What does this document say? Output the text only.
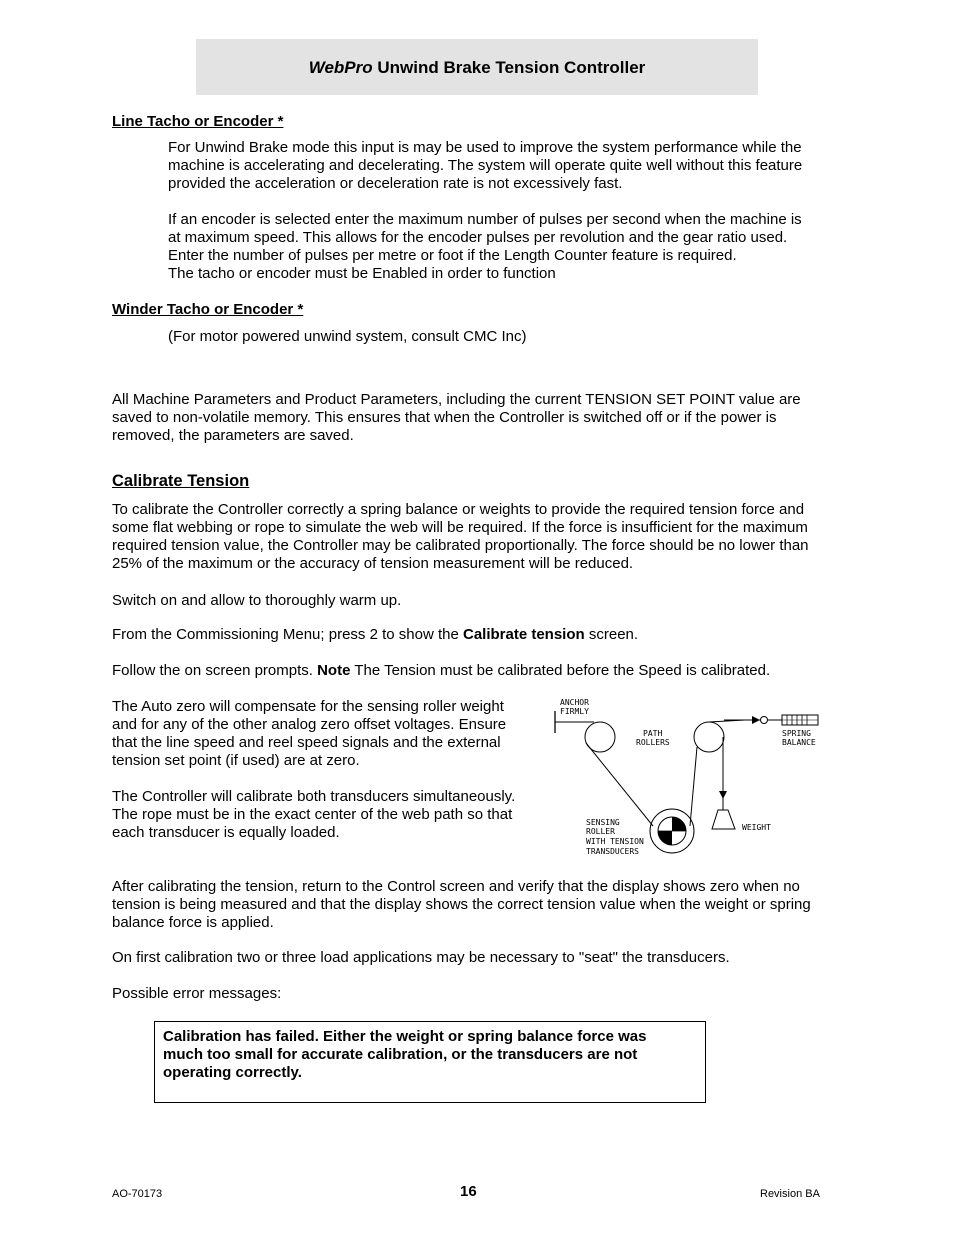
WebPro Unwind Brake Tension Controller
Line Tacho or Encoder *

For Unwind Brake mode this input is may be used to improve the system performance while the

machine is accelerating and decelerating. The system will operate quite well without this feature

provided the acceleration or deceleration rate is not excessively fast.

If an encoder is selected enter the maximum number of pulses per second when the machine is

at maximum speed. This allows for the encoder pulses per revolution and the gear ratio used.

Enter the number of pulses per metre or foot if the Length Counter feature is required.

The tacho or encoder must be Enabled in order to function

Winder Tacho or Encoder *
(For motor powered unwind system, consult CMC Inc)

All Machine Parameters and Product Parameters, including the current TENSION SET POINT value are

saved to non-volatile memory. This ensures that when the Controller is switched off or if the power is

removed, the parameters are saved.

Calibrate Tension

To calibrate the Controller correctly a spring balance or weights to provide the required tension force and

some flat webbing or rope to simulate the web will be required. If the force is insufficient for the maximum

required tension value, the Controller may be calibrated proportionally. The force should be no lower than

25% of the maximum or the accuracy of tension measurement will be reduced.

Switch on and allow to thoroughly warm up.
From the Commissioning Menu; press 2 to show the Calibrate tension screen.
Follow the on screen prompts. Note The Tension must be calibrated before the Speed is calibrated.

The Auto zero will compensate for the sensing roller weight

and for any of the other analog zero offset voltages. Ensure

that the line speed and reel speed signals and the external

tension set point (if used) are at zero.

The Controller will calibrate both transducers simultaneously.

The rope must be in the exact center of the web path so that

each transducer is equally loaded.

ANCHOR
FIRMLY
PATH
ROLLERS
SPRING
BALANCE
WEIGHT
SENSING
ROLLER
WITH TENSION
TRANSDUCERS

After calibrating the tension, return to the Control screen and verify that the display shows zero when no

tension is being measured and that the display shows the correct tension value when the weight or spring

balance force is applied.

On first calibration two or three load applications may be necessary to "seat" the transducers.
Possible error messages:
Calibration has failed. Either the weight or spring balance force was
much too small for accurate calibration, or the transducers are not
operating correctly.
AO-70173	16	Revision BA
